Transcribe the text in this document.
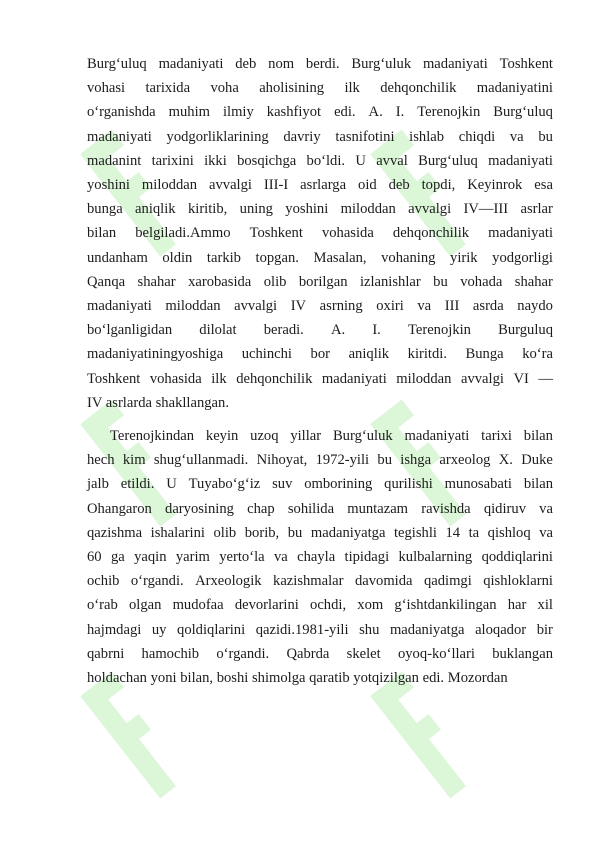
Burg‘uluq madaniyati deb nom berdi. Burg‘uluk madaniyati Toshkent
vohasi tarixida voha aholisining ilk dehqonchilik madaniyatini
o‘rganishda muhim ilmiy kashfiyot edi. A. I. Terenojkin Burg‘uluq
madaniyati yodgorliklarining davriy tasnifotini ishlab chiqdi va bu
madanint tarixini ikki bosqichga bo‘ldi. U avval Burg‘uluq madaniyati
yoshini miloddan avvalgi III-I asrlarga oid deb topdi, Keyinrok esa
bunga aniqlik kiritib, uning yoshini miloddan avvalgi IV—III asrlar
bilan belgiladi.Ammo Toshkent vohasida dehqonchilik madaniyati
undanham oldin tarkib topgan. Masalan, vohaning yirik yodgorligi
Qanqa shahar xarobasida olib borilgan izlanishlar bu vohada shahar
madaniyati miloddan avvalgi IV asrning oxiri va III asrda naydo
bo‘lganligidan dilolat beradi. A. I. Terenojkin Burguluq
madaniyatiningyoshiga uchinchi bor aniqlik kiritdi. Bunga ko‘ra
Toshkent vohasida ilk dehqonchilik madaniyati miloddan avvalgi VI —
IV asrlarda shakllangan.
Terenojkindan keyin uzoq yillar Burg‘uluk madaniyati tarixi bilan
hech kim shug‘ullanmadi. Nihoyat, 1972-yili bu ishga arxeolog X. Duke
jalb etildi. U Tuyabo‘g‘iz suv omborining qurilishi munosabati bilan
Ohangaron daryosining chap sohilida muntazam ravishda qidiruv va
qazishma ishalarini olib borib, bu madaniyatga tegishli 14 ta qishloq va
60 ga yaqin yarim yerto‘la va chayla tipidagi kulbalarning qoddiqlarini
ochib o‘rgandi. Arxeologik kazishmalar davomida qadimgi qishloklarni
o‘rab olgan mudofaa devorlarini ochdi, xom g‘ishtdankilingan har xil
hajmdagi uy qoldiqlarini qazidi.1981-yili shu madaniyatga aloqador bir
qabrni hamochib o‘rgandi. Qabrda skelet oyoq-ko‘llari buklangan
holdachan yoni bilan, boshi shimolga qaratib yotqizilgan edi. Mozordan
